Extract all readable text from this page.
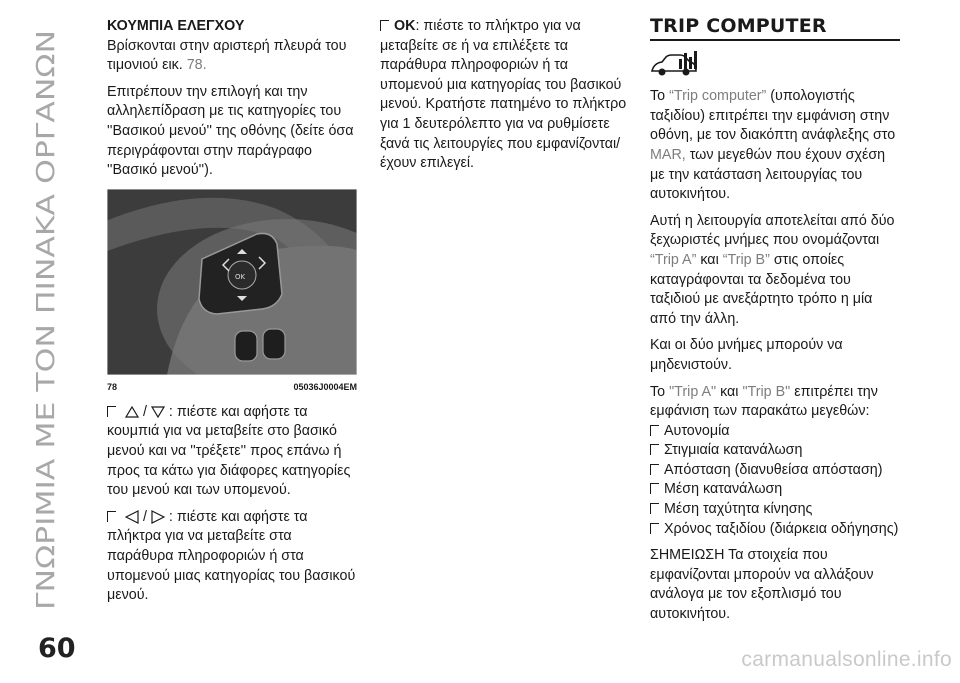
ΓΝΩΡΙΜΙΑ ΜΕ ΤΟΝ ΠΙΝΑΚΑ ΟΡΓΑΝΩΝ
ΚΟΥΜΠΙΑ ΕΛΕΓΧΟΥ

Βρίσκονται στην αριστερή πλευρά του τιμονιού εικ. 78.

Επιτρέπουν την επιλογή και την αλληλεπίδραση με τις κατηγορίες του ''Βασικού μενού'' της οθόνης (δείτε όσα περιγράφονται στην παράγραφο ''Βασικό μενού'').

OK
78	05036J0004EM

/ : πιέστε και αφήστε τα κουμπιά για να μεταβείτε στο βασικό μενού και να ''τρέξετε'' προς επάνω ή προς τα κάτω για διάφορες κατηγορίες του μενού και των υπομενού.

/ : πιέστε και αφήστε τα πλήκτρα για να μεταβείτε στα παράθυρα πληροφοριών ή στα υπομενού μιας κατηγορίας του βασικού μενού.

OK: πιέστε το πλήκτρο για να μεταβείτε σε ή να επιλέξετε τα παράθυρα πληροφοριών ή τα υπομενού μια κατηγορίας του βασικού μενού. Κρατήστε πατημένο το πλήκτρο για 1 δευτερόλεπτο για να ρυθμίσετε ξανά τις λειτουργίες που εμφανίζονται/έχουν επιλεγεί.

TRIP COMPUTER

Το “Trip computer” (υπολογιστής ταξιδίου) επιτρέπει την εμφάνιση στην οθόνη, με τον διακόπτη ανάφλεξης στο MAR, των μεγεθών που έχουν σχέση με την κατάσταση λειτουργίας του αυτοκινήτου.

Αυτή η λειτουργία αποτελείται από δύο ξεχωριστές μνήμες που ονομάζονται “Trip A” και “Trip B” στις οποίες καταγράφονται τα δεδομένα του ταξιδιού με ανεξάρτητο τρόπο η μία από την άλλη.

Και οι δύο μνήμες μπορούν να μηδενιστούν.

Το "Trip A" και "Trip B" επιτρέπει την εμφάνιση των παρακάτω μεγεθών:

Αυτονομία
Στιγμιαία κατανάλωση
Απόσταση (διανυθείσα απόσταση)
Μέση κατανάλωση
Μέση ταχύτητα κίνησης
Χρόνος ταξιδίου (διάρκεια οδήγησης)

ΣΗΜΕΙΩΣΗ Τα στοιχεία που εμφανίζονται μπορούν να αλλάξουν ανάλογα με τον εξοπλισμό του αυτοκινήτου.

60	carmanualsonline.info
